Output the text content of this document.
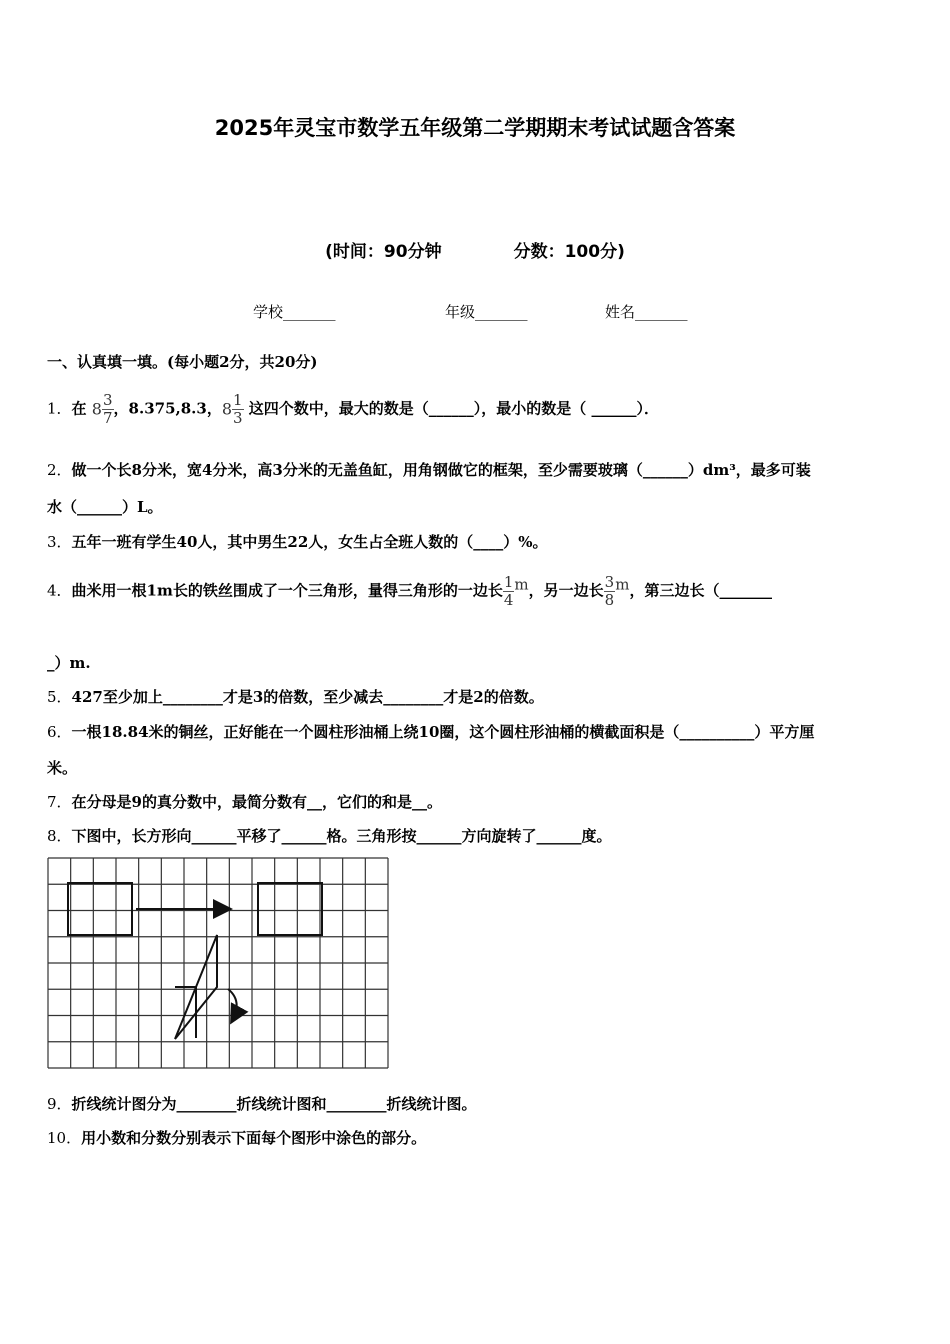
2025年灵宝市数学五年级第二学期期末考试试题含答案
(时间：90分钟	分数：100分)
学校_______	年级_______	姓名_______
一、认真填一填。(每小题2分，共20分)
1．在 $8 \frac{3}{7}$ ，8.375,8.3，$8 \frac{1}{3}$ 这四个数中，最大的数是（______），最小的数是（ ______）．
2．做一个长8分米，宽4分米，高3分米的无盖鱼缸，用角钢做它的框架，至少需要玻璃（______）dm³，最多可装
水（______）L。
3．五年一班有学生40人，其中男生22人，女生占全班人数的（____）%。
4．曲米用一根1m长的铁丝围成了一个三角形，量得三角形的一边长 $\frac{1}{4}$ m，另一边长 $\frac{3}{8}$ m，第三边长（_______
_）m.
5．427至少加上________才是3的倍数，至少减去________才是2的倍数。
6．一根18.84米的铜丝，正好能在一个圆柱形油桶上绕10圈，这个圆柱形油桶的横截面积是（__________）平方厘
米。
7．在分母是9的真分数中，最简分数有__，它们的和是__。
8．下图中，长方形向______平移了______格。三角形按______方向旋转了______度。
9．折线统计图分为________折线统计图和________折线统计图。
10．用小数和分数分别表示下面每个图形中涂色的部分。
